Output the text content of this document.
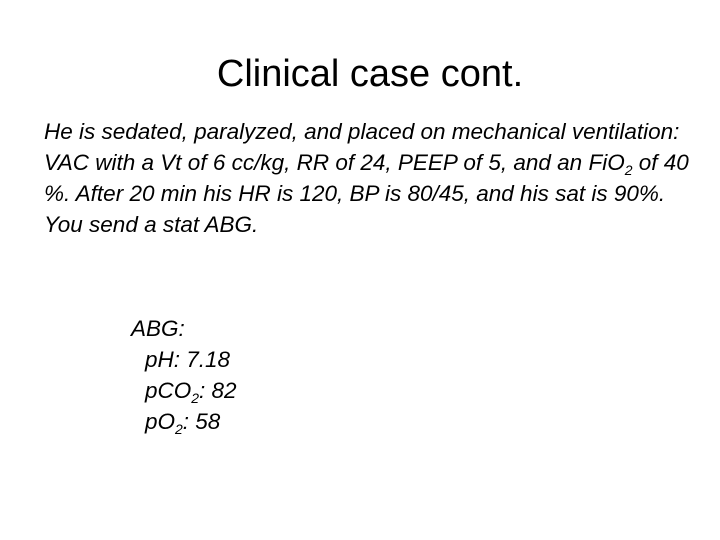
Clinical case cont.

He is sedated, paralyzed, and placed on mechanical ventilation: VAC with a Vt of 6 cc/kg, RR of 24, PEEP of 5, and an FiO$_2$ of 40 %. After 20 min his HR is 120, BP is 80/45, and his sat is 90%. You send a stat ABG.

ABG:
pH: 7.18
pCO$_2$: 82
$pO_2$: 58
